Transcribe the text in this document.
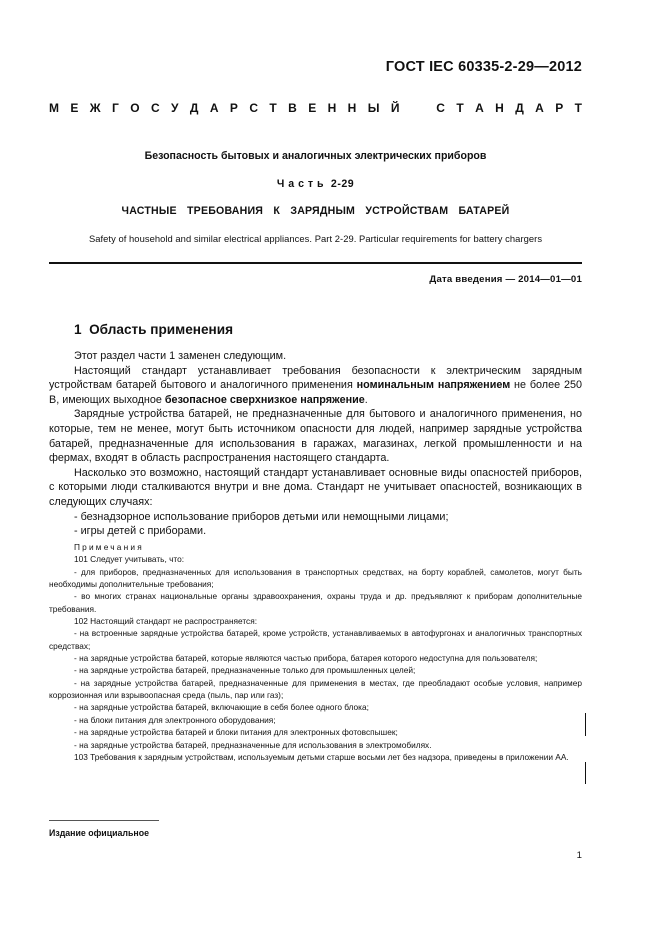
ГОСТ IEC 60335-2-29—2012
М Е Ж Г О С У Д А Р С Т В Е Н Н Ы Й	С Т А Н Д А Р Т
Безопасность бытовых и аналогичных электрических приборов
Ч а с т ь  2-29
ЧАСТНЫЕ  ТРЕБОВАНИЯ  К  ЗАРЯДНЫМ  УСТРОЙСТВАМ  БАТАРЕЙ
Safety of household and similar electrical appliances. Part 2-29. Particular requirements for battery chargers
Дата введения — 2014—01—01
1  Область применения

Этот раздел части 1 заменен следующим.

Настоящий стандарт устанавливает требования безопасности к электрическим зарядным устройствам батарей бытового и аналогичного применения номинальным напряжением не более 250 В, имеющих выходное безопасное сверхнизкое напряжение.

Зарядные устройства батарей, не предназначенные для бытового и аналогичного применения, но которые, тем не менее, могут быть источником опасности для людей, например зарядные устройства батарей, предназначенные для использования в гаражах, магазинах, легкой промышленности и на фермах, входят в область распространения настоящего стандарта.

Насколько это возможно, настоящий стандарт устанавливает основные виды опасностей приборов, с которыми люди сталкиваются внутри и вне дома. Стандарт не учитывает опасностей, возникающих в следующих случаях:

- безнадзорное использование приборов детьми или немощными лицами;

- игры детей с приборами.

Примечания

101 Следует учитывать, что:

- для приборов, предназначенных для использования в транспортных средствах, на борту кораблей, самолетов, могут быть необходимы дополнительные требования;

- во многих странах национальные органы здравоохранения, охраны труда и др. предъявляют к приборам дополнительные требования.

102 Настоящий стандарт не распространяется:

- на встроенные зарядные устройства батарей, кроме устройств, устанавливаемых в автофургонах и аналогичных транспортных средствах;

- на зарядные устройства батарей, которые являются частью прибора, батарея которого недоступна для пользователя;

- на зарядные устройства батарей, предназначенные только для промышленных целей;

- на зарядные устройства батарей, предназначенные для применения в местах, где преобладают особые условия, например коррозионная или взрывоопасная среда (пыль, пар или газ);

- на зарядные устройства батарей, включающие в себя более одного блока;

- на блоки питания для электронного оборудования;

- на зарядные устройства батарей и блоки питания для электронных фотовспышек;

- на зарядные устройства батарей, предназначенные для использования в электромобилях.

103 Требования к зарядным устройствам, используемым детьми старше восьми лет без надзора, приведены в приложении АА.

Издание официальное
1
